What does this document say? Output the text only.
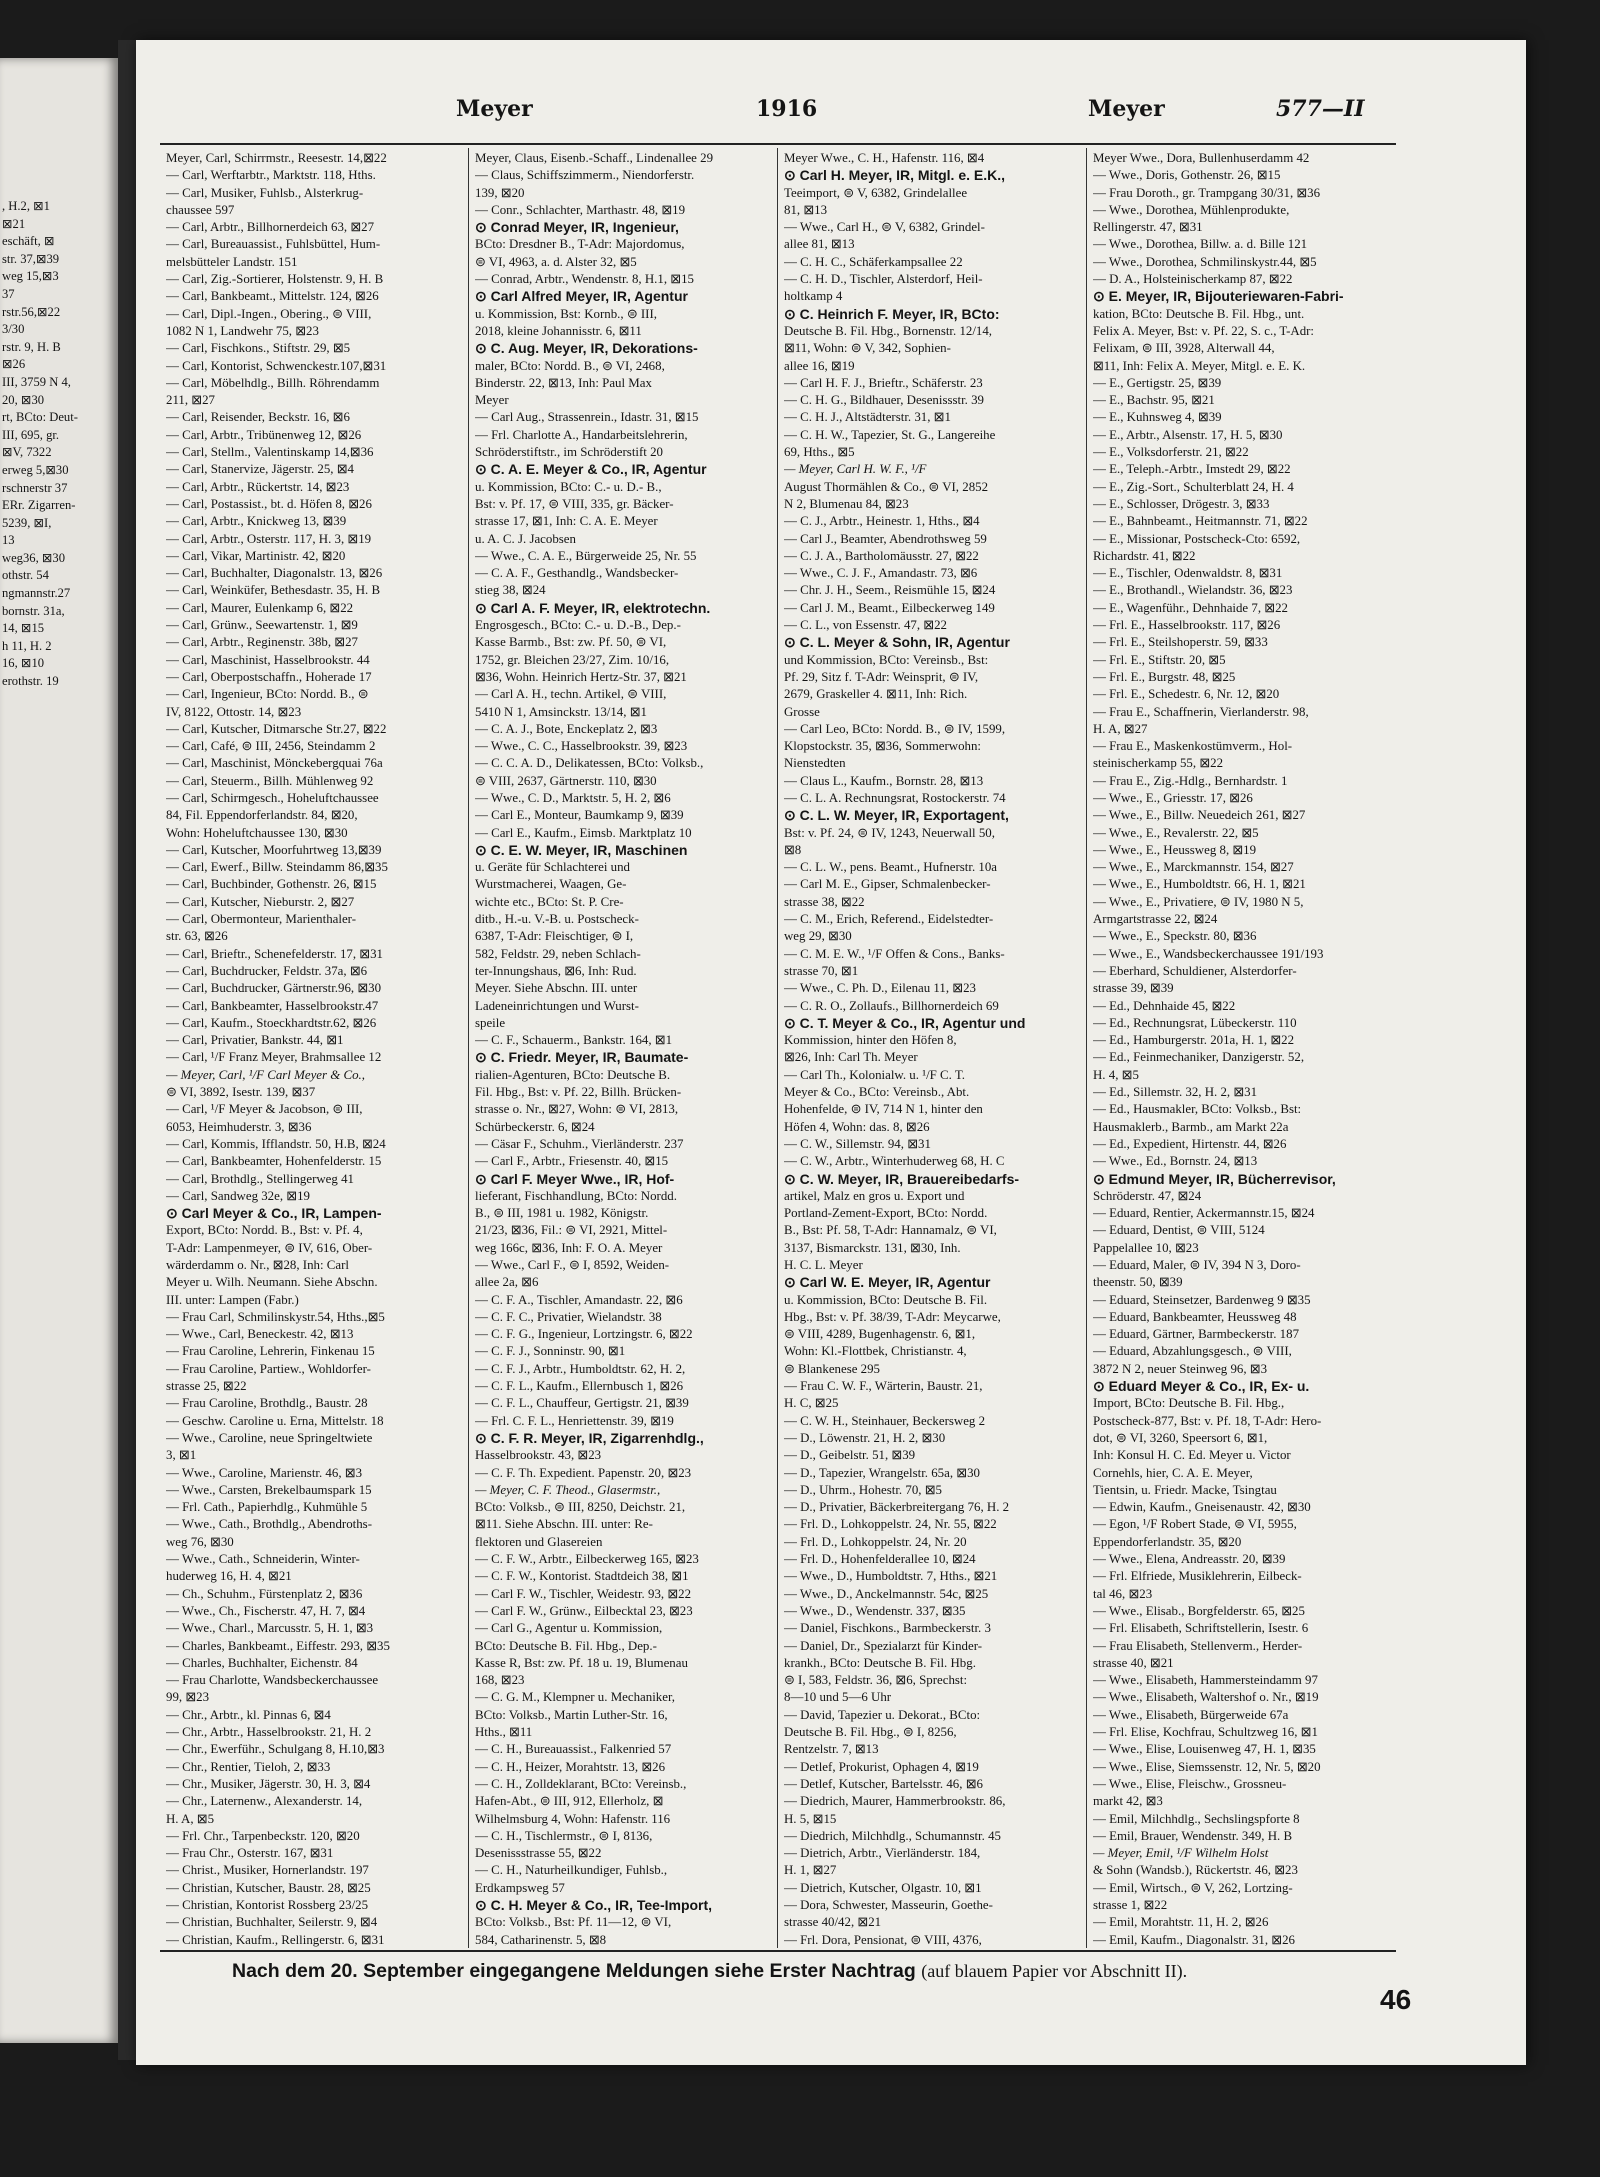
, H.2, ⊠1
⊠21
eschäft, ⊠
str. 37,⊠39
weg 15,⊠3
37
rstr.56,⊠22
3/30
rstr. 9, H. B
⊠26
III, 3759 N 4,
20, ⊠30
rt, BCto: Deut-
III, 695, gr.
⊠V, 7322
erweg 5,⊠30
rschnerstr 37
ERr. Zigarren-
5239, ⊠I,
13
weg36, ⊠30
othstr. 54
ngmannstr.27
bornstr. 31a,
14, ⊠15
h 11, H. 2
16, ⊠10
erothstr. 19
Meyer	1916	Meyer	577—II
Meyer, Carl, Schirrmstr., Reesestr. 14,⊠22
— Carl, Werftarbtr., Marktstr. 118, Hths.
— Carl, Musiker, Fuhlsb., Alsterkrug-
chaussee 597
— Carl, Arbtr., Billhornerdeich 63, ⊠27
— Carl, Bureauassist., Fuhlsbüttel, Hum-
melsbütteler Landstr. 151
— Carl, Zig.-Sortierer, Holstenstr. 9, H. B
— Carl, Bankbeamt., Mittelstr. 124, ⊠26
— Carl, Dipl.-Ingen., Obering., ⊜ VIII,
1082 N 1, Landwehr 75, ⊠23
— Carl, Fischkons., Stiftstr. 29, ⊠5
— Carl, Kontorist, Schwenckestr.107,⊠31
— Carl, Möbelhdlg., Billh. Röhrendamm
211, ⊠27
— Carl, Reisender, Beckstr. 16, ⊠6
— Carl, Arbtr., Tribünenweg 12, ⊠26
— Carl, Stellm., Valentinskamp 14,⊠36
— Carl, Stanervize, Jägerstr. 25, ⊠4
— Carl, Arbtr., Rückertstr. 14, ⊠23
— Carl, Postassist., bt. d. Höfen 8, ⊠26
— Carl, Arbtr., Knickweg 13, ⊠39
— Carl, Arbtr., Osterstr. 117, H. 3, ⊠19
— Carl, Vikar, Martinistr. 42, ⊠20
— Carl, Buchhalter, Diagonalstr. 13, ⊠26
— Carl, Weinküfer, Bethesdastr. 35, H. B
— Carl, Maurer, Eulenkamp 6, ⊠22
— Carl, Grünw., Seewartenstr. 1, ⊠9
— Carl, Arbtr., Reginenstr. 38b, ⊠27
— Carl, Maschinist, Hasselbrookstr. 44
— Carl, Oberpostschaffn., Hoherade 17
— Carl, Ingenieur, BCto: Nordd. B., ⊜
IV, 8122, Ottostr. 14, ⊠23
— Carl, Kutscher, Ditmarsche Str.27, ⊠22
— Carl, Café, ⊜ III, 2456, Steindamm 2
— Carl, Maschinist, Mönckebergquai 76a
— Carl, Steuerm., Billh. Mühlenweg 92
— Carl, Schirmgesch., Hoheluftchaussee
84, Fil. Eppendorferlandstr. 84, ⊠20,
Wohn: Hoheluftchaussee 130, ⊠30
— Carl, Kutscher, Moorfuhrtweg 13,⊠39
— Carl, Ewerf., Billw. Steindamm 86,⊠35
— Carl, Buchbinder, Gothenstr. 26, ⊠15
— Carl, Kutscher, Nieburstr. 2, ⊠27
— Carl, Obermonteur, Marienthaler-
str. 63, ⊠26
— Carl, Brieftr., Schenefelderstr. 17, ⊠31
— Carl, Buchdrucker, Feldstr. 37a, ⊠6
— Carl, Buchdrucker, Gärtnerstr.96, ⊠30
— Carl, Bankbeamter, Hasselbrookstr.47
— Carl, Kaufm., Stoeckhardtstr.62, ⊠26
— Carl, Privatier, Bankstr. 44, ⊠1
— Carl, ¹/F Franz Meyer, Brahmsallee 12
— Meyer, Carl, ¹/F Carl Meyer & Co.,
⊜ VI, 3892, Isestr. 139, ⊠37
— Carl, ¹/F Meyer & Jacobson, ⊜ III,
6053, Heimhuderstr. 3, ⊠36
— Carl, Kommis, Ifflandstr. 50, H.B, ⊠24
— Carl, Bankbeamter, Hohenfelderstr. 15
— Carl, Brothdlg., Stellingerweg 41
— Carl, Sandweg 32e, ⊠19
⊙ Carl Meyer & Co., IR, Lampen-
Export, BCto: Nordd. B., Bst: v. Pf. 4,
T-Adr: Lampenmeyer, ⊜ IV, 616, Ober-
wärderdamm o. Nr., ⊠28, Inh: Carl
Meyer u. Wilh. Neumann. Siehe Abschn.
III. unter: Lampen (Fabr.)
— Frau Carl, Schmilinskystr.54, Hths.,⊠5
— Wwe., Carl, Beneckestr. 42, ⊠13
— Frau Caroline, Lehrerin, Finkenau 15
— Frau Caroline, Partiew., Wohldorfer-
strasse 25, ⊠22
— Frau Caroline, Brothdlg., Baustr. 28
— Geschw. Caroline u. Erna, Mittelstr. 18
— Wwe., Caroline, neue Springeltwiete
3, ⊠1
— Wwe., Caroline, Marienstr. 46, ⊠3
— Wwe., Carsten, Brekelbaumspark 15
— Frl. Cath., Papierhdlg., Kuhmühle 5
— Wwe., Cath., Brothdlg., Abendroths-
weg 76, ⊠30
— Wwe., Cath., Schneiderin, Winter-
huderweg 16, H. 4, ⊠21
— Ch., Schuhm., Fürstenplatz 2, ⊠36
— Wwe., Ch., Fischerstr. 47, H. 7, ⊠4
— Wwe., Charl., Marcusstr. 5, H. 1, ⊠3
— Charles, Bankbeamt., Eiffestr. 293, ⊠35
— Charles, Buchhalter, Eichenstr. 84
— Frau Charlotte, Wandsbeckerchaussee
99, ⊠23
— Chr., Arbtr., kl. Pinnas 6, ⊠4
— Chr., Arbtr., Hasselbrookstr. 21, H. 2
— Chr., Ewerführ., Schulgang 8, H.10,⊠3
— Chr., Rentier, Tieloh, 2, ⊠33
— Chr., Musiker, Jägerstr. 30, H. 3, ⊠4
— Chr., Laternenw., Alexanderstr. 14,
H. A, ⊠5
— Frl. Chr., Tarpenbeckstr. 120, ⊠20
— Frau Chr., Osterstr. 167, ⊠31
— Christ., Musiker, Hornerlandstr. 197
— Christian, Kutscher, Baustr. 28, ⊠25
— Christian, Kontorist Rossberg 23/25
— Christian, Buchhalter, Seilerstr. 9, ⊠4
— Christian, Kaufm., Rellingerstr. 6, ⊠31
Meyer, Claus, Eisenb.-Schaff., Lindenallee 29
— Claus, Schiffszimmerm., Niendorferstr.
139, ⊠20
— Conr., Schlachter, Marthastr. 48, ⊠19
⊙ Conrad Meyer, IR, Ingenieur,
BCto: Dresdner B., T-Adr: Majordomus,
⊜ VI, 4963, a. d. Alster 32, ⊠5
— Conrad, Arbtr., Wendenstr. 8, H.1, ⊠15
⊙ Carl Alfred Meyer, IR, Agentur
u. Kommission, Bst: Kornb., ⊜ III,
2018, kleine Johannisstr. 6, ⊠11
⊙ C. Aug. Meyer, IR, Dekorations-
maler, BCto: Nordd. B., ⊜ VI, 2468,
Binderstr. 22, ⊠13, Inh: Paul Max
Meyer
— Carl Aug., Strassenrein., Idastr. 31, ⊠15
— Frl. Charlotte A., Handarbeitslehrerin,
Schröderstiftstr., im Schröderstift 20
⊙ C. A. E. Meyer & Co., IR, Agentur
u. Kommission, BCto: C.- u. D.- B.,
Bst: v. Pf. 17, ⊜ VIII, 335, gr. Bäcker-
strasse 17, ⊠1, Inh: C. A. E. Meyer
u. A. C. J. Jacobsen
— Wwe., C. A. E., Bürgerweide 25, Nr. 55
— C. A. F., Gesthandlg., Wandsbecker-
stieg 38, ⊠24
⊙ Carl A. F. Meyer, IR, elektrotechn.
Engrosgesch., BCto: C.- u. D.-B., Dep.-
Kasse Barmb., Bst: zw. Pf. 50, ⊜ VI,
1752, gr. Bleichen 23/27, Zim. 10/16,
⊠36, Wohn. Heinrich Hertz-Str. 37, ⊠21
— Carl A. H., techn. Artikel, ⊜ VIII,
5410 N 1, Amsinckstr. 13/14, ⊠1
— C. A. J., Bote, Enckeplatz 2, ⊠3
— Wwe., C. C., Hasselbrookstr. 39, ⊠23
— C. C. A. D., Delikatessen, BCto: Volksb.,
⊜ VIII, 2637, Gärtnerstr. 110, ⊠30
— Wwe., C. D., Marktstr. 5, H. 2, ⊠6
— Carl E., Monteur, Baumkamp 9, ⊠39
— Carl E., Kaufm., Eimsb. Marktplatz 10
⊙ C. E. W. Meyer, IR, Maschinen
u. Geräte für Schlachterei und
Wurstmacherei, Waagen, Ge-
wichte etc., BCto: St. P. Cre-
ditb., H.-u. V.-B. u. Postscheck-
6387, T-Adr: Fleischtiger, ⊜ I,
582, Feldstr. 29, neben Schlach-
ter-Innungshaus, ⊠6, Inh: Rud.
Meyer. Siehe Abschn. III. unter
Ladeneinrichtungen und Wurst-
speile
— C. F., Schauerm., Bankstr. 164, ⊠1
⊙ C. Friedr. Meyer, IR, Baumate-
rialien-Agenturen, BCto: Deutsche B.
Fil. Hbg., Bst: v. Pf. 22, Billh. Brücken-
strasse o. Nr., ⊠27, Wohn: ⊜ VI, 2813,
Schürbeckerstr. 6, ⊠24
— Cäsar F., Schuhm., Vierländerstr. 237
— Carl F., Arbtr., Friesenstr. 40, ⊠15
⊙ Carl F. Meyer Wwe., IR, Hof-
lieferant, Fischhandlung, BCto: Nordd.
B., ⊜ III, 1981 u. 1982, Königstr.
21/23, ⊠36, Fil.: ⊜ VI, 2921, Mittel-
weg 166c, ⊠36, Inh: F. O. A. Meyer
— Wwe., Carl F., ⊜ I, 8592, Weiden-
allee 2a, ⊠6
— C. F. A., Tischler, Amandastr. 22, ⊠6
— C. F. C., Privatier, Wielandstr. 38
— C. F. G., Ingenieur, Lortzingstr. 6, ⊠22
— C. F. J., Sonninstr. 90, ⊠1
— C. F. J., Arbtr., Humboldtstr. 62, H. 2,
— C. F. L., Kaufm., Ellernbusch 1, ⊠26
— C. F. L., Chauffeur, Gertigstr. 21, ⊠39
— Frl. C. F. L., Henriettenstr. 39, ⊠19
⊙ C. F. R. Meyer, IR, Zigarrenhdlg.,
Hasselbrookstr. 43, ⊠23
— C. F. Th. Expedient. Papenstr. 20, ⊠23
— Meyer, C. F. Theod., Glasermstr.,
BCto: Volksb., ⊜ III, 8250, Deichstr. 21,
⊠11. Siehe Abschn. III. unter: Re-
flektoren und Glasereien
— C. F. W., Arbtr., Eilbeckerweg 165, ⊠23
— C. F. W., Kontorist. Stadtdeich 38, ⊠1
— Carl F. W., Tischler, Weidestr. 93, ⊠22
— Carl F. W., Grünw., Eilbecktal 23, ⊠23
— Carl G., Agentur u. Kommission,
BCto: Deutsche B. Fil. Hbg., Dep.-
Kasse R, Bst: zw. Pf. 18 u. 19, Blumenau
168, ⊠23
— C. G. M., Klempner u. Mechaniker,
BCto: Volksb., Martin Luther-Str. 16,
Hths., ⊠11
— C. H., Bureauassist., Falkenried 57
— C. H., Heizer, Morahtstr. 13, ⊠26
— C. H., Zolldeklarant, BCto: Vereinsb.,
Hafen-Abt., ⊜ III, 912, Ellerholz, ⊠
Wilhelmsburg 4, Wohn: Hafenstr. 116
— C. H., Tischlermstr., ⊜ I, 8136,
Desenissstrasse 55, ⊠22
— C. H., Naturheilkundiger, Fuhlsb.,
Erdkampsweg 57
⊙ C. H. Meyer & Co., IR, Tee-Import,
BCto: Volksb., Bst: Pf. 11—12, ⊜ VI,
584, Catharinenstr. 5, ⊠8
Meyer Wwe., C. H., Hafenstr. 116, ⊠4
⊙ Carl H. Meyer, IR, Mitgl. e. E.K.,
Teeimport, ⊜ V, 6382, Grindelallee
81, ⊠13
— Wwe., Carl H., ⊜ V, 6382, Grindel-
allee 81, ⊠13
— C. H. C., Schäferkampsallee 22
— C. H. D., Tischler, Alsterdorf, Heil-
holtkamp 4
⊙ C. Heinrich F. Meyer, IR, BCto:
Deutsche B. Fil. Hbg., Bornenstr. 12/14,
⊠11, Wohn: ⊜ V, 342, Sophien-
allee 16, ⊠19
— Carl H. F. J., Brieftr., Schäferstr. 23
— C. H. G., Bildhauer, Desenissstr. 39
— C. H. J., Altstädterstr. 31, ⊠1
— C. H. W., Tapezier, St. G., Langereihe
69, Hths., ⊠5
— Meyer, Carl H. W. F., ¹/F
August Thormählen & Co., ⊜ VI, 2852
N 2, Blumenau 84, ⊠23
— C. J., Arbtr., Heinestr. 1, Hths., ⊠4
— Carl J., Beamter, Abendrothsweg 59
— C. J. A., Bartholomäusstr. 27, ⊠22
— Wwe., C. J. F., Amandastr. 73, ⊠6
— Chr. J. H., Seem., Reismühle 15, ⊠24
— Carl J. M., Beamt., Eilbeckerweg 149
— C. L., von Essenstr. 47, ⊠22
⊙ C. L. Meyer & Sohn, IR, Agentur
und Kommission, BCto: Vereinsb., Bst:
Pf. 29, Sitz f. T-Adr: Weinsprit, ⊜ IV,
2679, Graskeller 4. ⊠11, Inh: Rich.
Grosse
— Carl Leo, BCto: Nordd. B., ⊜ IV, 1599,
Klopstockstr. 35, ⊠36, Sommerwohn:
Nienstedten
— Claus L., Kaufm., Bornstr. 28, ⊠13
— C. L. A. Rechnungsrat, Rostockerstr. 74
⊙ C. L. W. Meyer, IR, Exportagent,
Bst: v. Pf. 24, ⊜ IV, 1243, Neuerwall 50,
⊠8
— C. L. W., pens. Beamt., Hufnerstr. 10a
— Carl M. E., Gipser, Schmalenbecker-
strasse 38, ⊠22
— C. M., Erich, Referend., Eidelstedter-
weg 29, ⊠30
— C. M. E. W., ¹/F Offen & Cons., Banks-
strasse 70, ⊠1
— Wwe., C. Ph. D., Eilenau 11, ⊠23
— C. R. O., Zollaufs., Billhornerdeich 69
⊙ C. T. Meyer & Co., IR, Agentur und
Kommission, hinter den Höfen 8,
⊠26, Inh: Carl Th. Meyer
— Carl Th., Kolonialw. u. ¹/F C. T.
Meyer & Co., BCto: Vereinsb., Abt.
Hohenfelde, ⊜ IV, 714 N 1, hinter den
Höfen 4, Wohn: das. 8, ⊠26
— C. W., Sillemstr. 94, ⊠31
— C. W., Arbtr., Winterhuderweg 68, H. C
⊙ C. W. Meyer, IR, Brauereibedarfs-
artikel, Malz en gros u. Export und
Portland-Zement-Export, BCto: Nordd.
B., Bst: Pf. 58, T-Adr: Hannamalz, ⊜ VI,
3137, Bismarckstr. 131, ⊠30, Inh.
H. C. L. Meyer
⊙ Carl W. E. Meyer, IR, Agentur
u. Kommission, BCto: Deutsche B. Fil.
Hbg., Bst: v. Pf. 38/39, T-Adr: Meycarwe,
⊜ VIII, 4289, Bugenhagenstr. 6, ⊠1,
Wohn: Kl.-Flottbek, Christianstr. 4,
⊜ Blankenese 295
— Frau C. W. F., Wärterin, Baustr. 21,
H. C, ⊠25
— C. W. H., Steinhauer, Beckersweg 2
— D., Löwenstr. 21, H. 2, ⊠30
— D., Geibelstr. 51, ⊠39
— D., Tapezier, Wrangelstr. 65a, ⊠30
— D., Uhrm., Hohestr. 70, ⊠5
— D., Privatier, Bäckerbreitergang 76, H. 2
— Frl. D., Lohkoppelstr. 24, Nr. 55, ⊠22
— Frl. D., Lohkoppelstr. 24, Nr. 20
— Frl. D., Hohenfelderallee 10, ⊠24
— Wwe., D., Humboldtstr. 7, Hths., ⊠21
— Wwe., D., Anckelmannstr. 54c, ⊠25
— Wwe., D., Wendenstr. 337, ⊠35
— Daniel, Fischkons., Barmbeckerstr. 3
— Daniel, Dr., Spezialarzt für Kinder-
krankh., BCto: Deutsche B. Fil. Hbg.
⊜ I, 583, Feldstr. 36, ⊠6, Sprechst:
8—10 und 5—6 Uhr
— David, Tapezier u. Dekorat., BCto:
Deutsche B. Fil. Hbg., ⊜ I, 8256,
Rentzelstr. 7, ⊠13
— Detlef, Prokurist, Ophagen 4, ⊠19
— Detlef, Kutscher, Bartelsstr. 46, ⊠6
— Diedrich, Maurer, Hammerbrookstr. 86,
H. 5, ⊠15
— Diedrich, Milchhdlg., Schumannstr. 45
— Dietrich, Arbtr., Vierländerstr. 184,
H. 1, ⊠27
— Dietrich, Kutscher, Olgastr. 10, ⊠1
— Dora, Schwester, Masseurin, Goethe-
strasse 40/42, ⊠21
— Frl. Dora, Pensionat, ⊜ VIII, 4376,
Meyer Wwe., Dora, Bullenhuserdamm 42
— Wwe., Doris, Gothenstr. 26, ⊠15
— Frau Doroth., gr. Trampgang 30/31, ⊠36
— Wwe., Dorothea, Mühlenprodukte,
Rellingerstr. 47, ⊠31
— Wwe., Dorothea, Billw. a. d. Bille 121
— Wwe., Dorothea, Schmilinskystr.44, ⊠5
— D. A., Holsteinischerkamp 87, ⊠22
⊙ E. Meyer, IR, Bijouteriewaren-Fabri-
kation, BCto: Deutsche B. Fil. Hbg., unt.
Felix A. Meyer, Bst: v. Pf. 22, S. c., T-Adr:
Felixam, ⊜ III, 3928, Alterwall 44,
⊠11, Inh: Felix A. Meyer, Mitgl. e. E. K.
— E., Gertigstr. 25, ⊠39
— E., Bachstr. 95, ⊠21
— E., Kuhnsweg 4, ⊠39
— E., Arbtr., Alsenstr. 17, H. 5, ⊠30
— E., Volksdorferstr. 21, ⊠22
— E., Teleph.-Arbtr., Imstedt 29, ⊠22
— E., Zig.-Sort., Schulterblatt 24, H. 4
— E., Schlosser, Drögestr. 3, ⊠33
— E., Bahnbeamt., Heitmannstr. 71, ⊠22
— E., Missionar, Postscheck-Cto: 6592,
Richardstr. 41, ⊠22
— E., Tischler, Odenwaldstr. 8, ⊠31
— E., Brothandl., Wielandstr. 36, ⊠23
— E., Wagenführ., Dehnhaide 7, ⊠22
— Frl. E., Hasselbrookstr. 117, ⊠26
— Frl. E., Steilshoperstr. 59, ⊠33
— Frl. E., Stiftstr. 20, ⊠5
— Frl. E., Burgstr. 48, ⊠25
— Frl. E., Schedestr. 6, Nr. 12, ⊠20
— Frau E., Schaffnerin, Vierlanderstr. 98,
H. A, ⊠27
— Frau E., Maskenkostümverm., Hol-
steinischerkamp 55, ⊠22
— Frau E., Zig.-Hdlg., Bernhardstr. 1
— Wwe., E., Griesstr. 17, ⊠26
— Wwe., E., Billw. Neuedeich 261, ⊠27
— Wwe., E., Revalerstr. 22, ⊠5
— Wwe., E., Heussweg 8, ⊠19
— Wwe., E., Marckmannstr. 154, ⊠27
— Wwe., E., Humboldtstr. 66, H. 1, ⊠21
— Wwe., E., Privatiere, ⊜ IV, 1980 N 5,
Armgartstrasse 22, ⊠24
— Wwe., E., Speckstr. 80, ⊠36
— Wwe., E., Wandsbeckerchaussee 191/193
— Eberhard, Schuldiener, Alsterdorfer-
strasse 39, ⊠39
— Ed., Dehnhaide 45, ⊠22
— Ed., Rechnungsrat, Lübeckerstr. 110
— Ed., Hamburgerstr. 201a, H. 1, ⊠22
— Ed., Feinmechaniker, Danzigerstr. 52,
H. 4, ⊠5
— Ed., Sillemstr. 32, H. 2, ⊠31
— Ed., Hausmakler, BCto: Volksb., Bst:
Hausmaklerb., Barmb., am Markt 22a
— Ed., Expedient, Hirtenstr. 44, ⊠26
— Wwe., Ed., Bornstr. 24, ⊠13
⊙ Edmund Meyer, IR, Bücherrevisor,
Schröderstr. 47, ⊠24
— Eduard, Rentier, Ackermannstr.15, ⊠24
— Eduard, Dentist, ⊜ VIII, 5124
Pappelallee 10, ⊠23
— Eduard, Maler, ⊜ IV, 394 N 3, Doro-
theenstr. 50, ⊠39
— Eduard, Steinsetzer, Bardenweg 9 ⊠35
— Eduard, Bankbeamter, Heussweg 48
— Eduard, Gärtner, Barmbeckerstr. 187
— Eduard, Abzahlungsgesch., ⊜ VIII,
3872 N 2, neuer Steinweg 96, ⊠3
⊙ Eduard Meyer & Co., IR, Ex- u.
Import, BCto: Deutsche B. Fil. Hbg.,
Postscheck-877, Bst: v. Pf. 18, T-Adr: Hero-
dot, ⊜ VI, 3260, Speersort 6, ⊠1,
Inh: Konsul H. C. Ed. Meyer u. Victor
Cornehls, hier, C. A. E. Meyer,
Tientsin, u. Friedr. Macke, Tsingtau
— Edwin, Kaufm., Gneisenaustr. 42, ⊠30
— Egon, ¹/F Robert Stade, ⊜ VI, 5955,
Eppendorferlandstr. 35, ⊠20
— Wwe., Elena, Andreasstr. 20, ⊠39
— Frl. Elfriede, Musiklehrerin, Eilbeck-
tal 46, ⊠23
— Wwe., Elisab., Borgfelderstr. 65, ⊠25
— Frl. Elisabeth, Schriftstellerin, Isestr. 6
— Frau Elisabeth, Stellenverm., Herder-
strasse 40, ⊠21
— Wwe., Elisabeth, Hammersteindamm 97
— Wwe., Elisabeth, Waltershof o. Nr., ⊠19
— Wwe., Elisabeth, Bürgerweide 67a
— Frl. Elise, Kochfrau, Schultzweg 16, ⊠1
— Wwe., Elise, Louisenweg 47, H. 1, ⊠35
— Wwe., Elise, Siemssenstr. 12, Nr. 5, ⊠20
— Wwe., Elise, Fleischw., Grossneu-
markt 42, ⊠3
— Emil, Milchhdlg., Sechslingspforte 8
— Emil, Brauer, Wendenstr. 349, H. B
— Meyer, Emil, ¹/F Wilhelm Holst
& Sohn (Wandsb.), Rückertstr. 46, ⊠23
— Emil, Wirtsch., ⊜ V, 262, Lortzing-
strasse 1, ⊠22
— Emil, Morahtstr. 11, H. 2, ⊠26
— Emil, Kaufm., Diagonalstr. 31, ⊠26
Nach dem 20. September eingegangene Meldungen siehe Erster Nachtrag (auf blauem Papier vor Abschnitt II).
46
